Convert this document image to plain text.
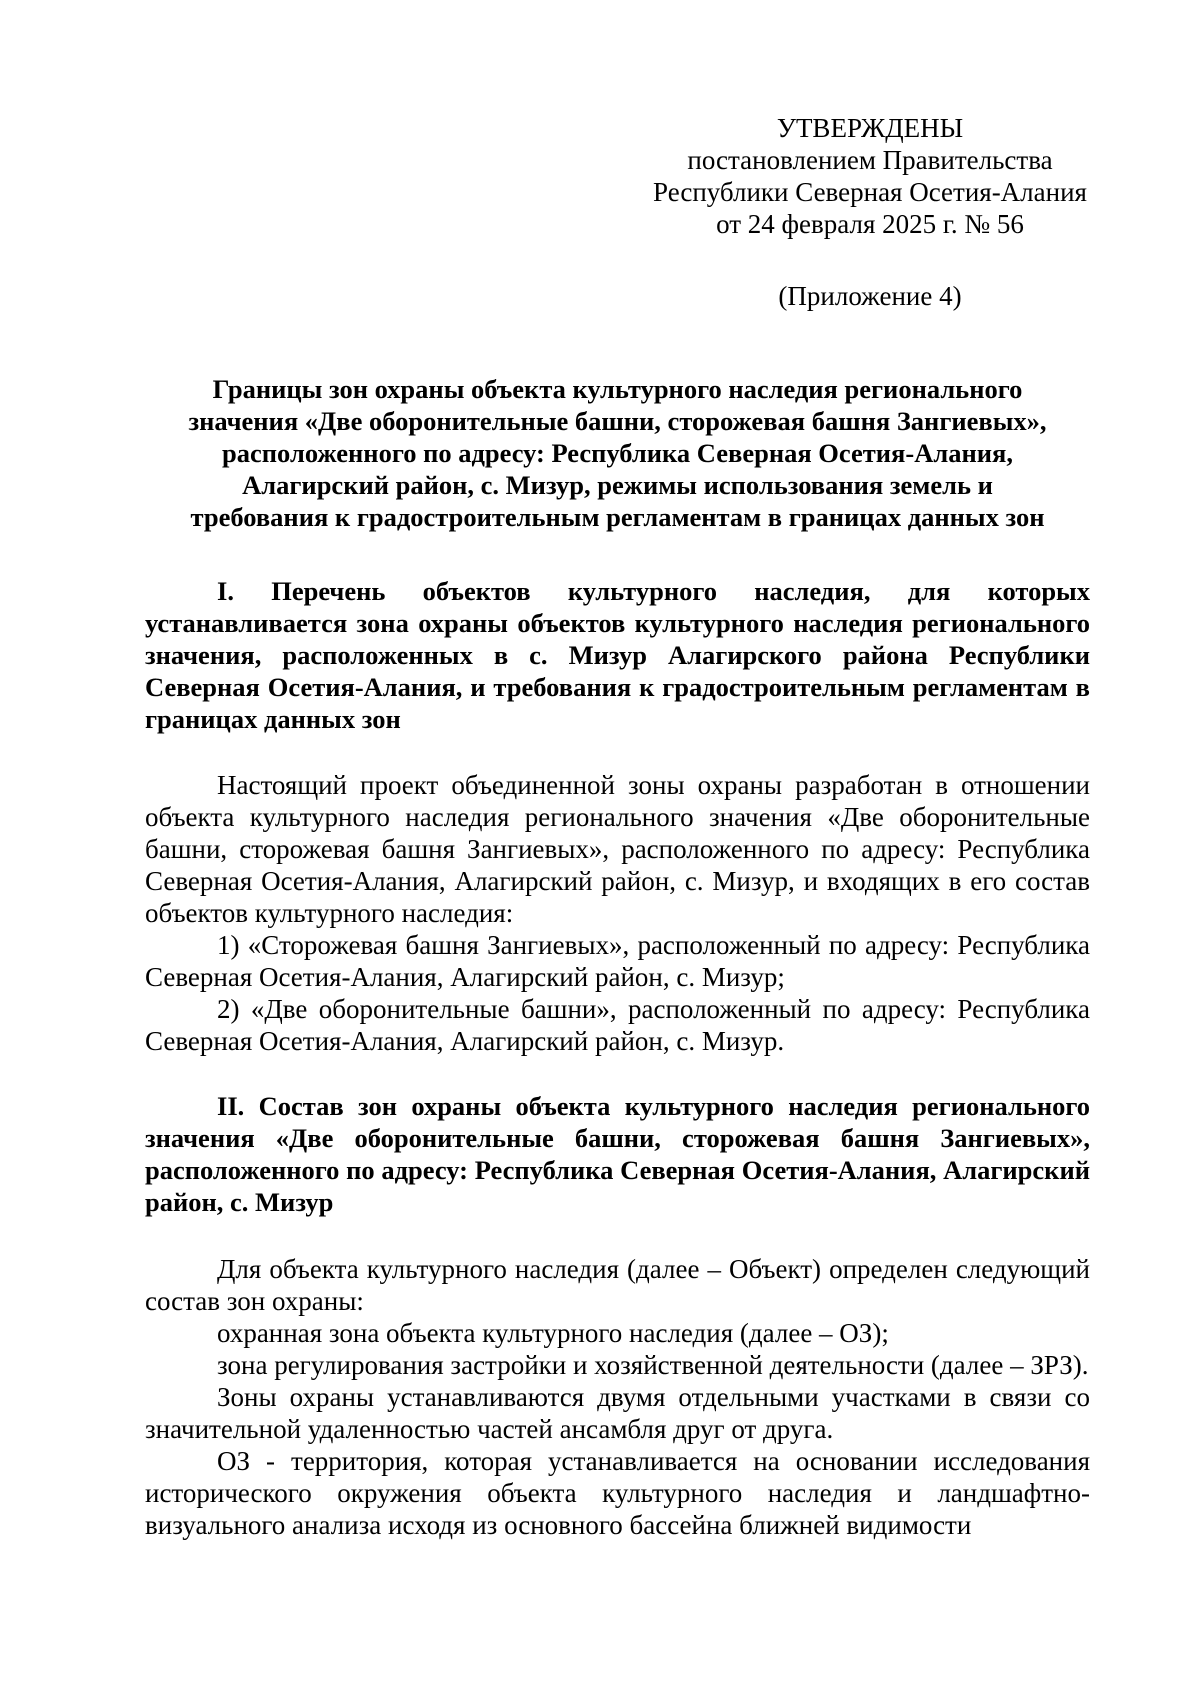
УТВЕРЖДЕНЫ
постановлением Правительства
Республики Северная Осетия-Алания
от 24 февраля 2025 г. № 56
(Приложение 4)
Границы зон охраны объекта культурного наследия регионального
значения «Две оборонительные башни, сторожевая башня Зангиевых»,
расположенного по адресу: Республика Северная Осетия-Алания,
Алагирский район, с. Мизур, режимы использования земель и
требования к градостроительным регламентам в границах данных зон

I. Перечень объектов культурного наследия, для которых устанавливается зона охраны объектов культурного наследия регионального значения, расположенных в с. Мизур Алагирского района Республики Северная Осетия-Алания, и требования к градостроительным регламентам в границах данных зон

Настоящий проект объединенной зоны охраны разработан в отношении объекта культурного наследия регионального значения «Две оборонительные башни, сторожевая башня Зангиевых», расположенного по адресу: Республика Северная Осетия-Алания, Алагирский район, с. Мизур, и входящих в его состав объектов культурного наследия:

1) «Сторожевая башня Зангиевых», расположенный по адресу: Республика Северная Осетия-Алания, Алагирский район, с. Мизур;

2) «Две оборонительные башни», расположенный по адресу: Республика Северная Осетия-Алания, Алагирский район, с. Мизур.

II. Состав зон охраны объекта культурного наследия регионального значения «Две оборонительные башни, сторожевая башня Зангиевых», расположенного по адресу: Республика Северная Осетия-Алания, Алагирский район, с. Мизур

Для объекта культурного наследия (далее – Объект) определен следующий состав зон охраны:

охранная зона объекта культурного наследия (далее – ОЗ);

зона регулирования застройки и хозяйственной деятельности (далее – ЗРЗ).

Зоны охраны устанавливаются двумя отдельными участками в связи со значительной удаленностью частей ансамбля друг от друга.

ОЗ - территория, которая устанавливается на основании исследования исторического окружения объекта культурного наследия и ландшафтно-визуального анализа исходя из основного бассейна ближней видимости
